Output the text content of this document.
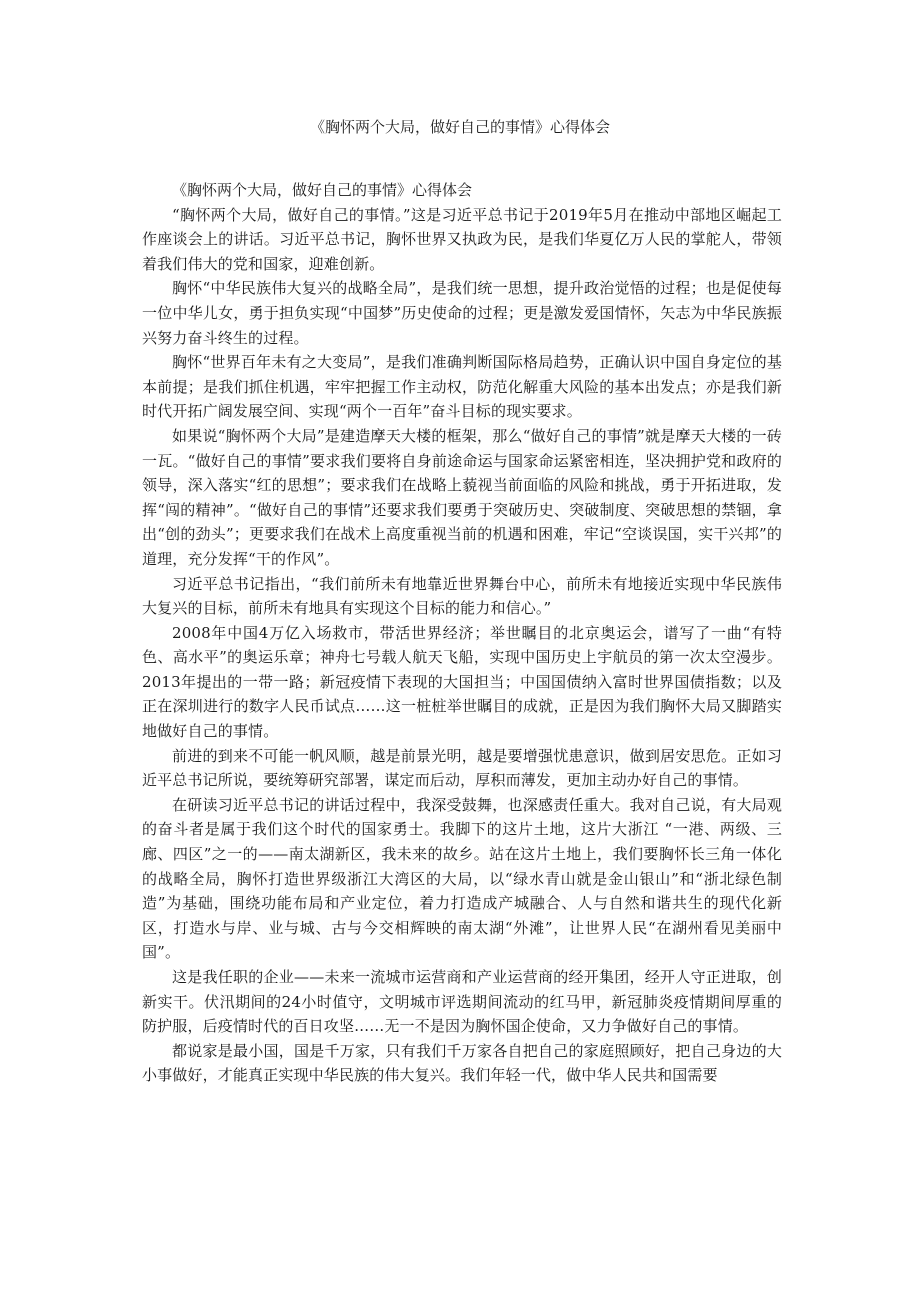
《胸怀两个大局，做好自己的事情》心得体会

《胸怀两个大局，做好自己的事情》心得体会

“胸怀两个大局，做好自己的事情。”这是习近平总书记于2019年5月在推动中部地区崛起工作座谈会上的讲话。习近平总书记，胸怀世界又执政为民，是我们华夏亿万人民的掌舵人，带领着我们伟大的党和国家，迎难创新。

胸怀“中华民族伟大复兴的战略全局”，是我们统一思想，提升政治觉悟的过程；也是促使每一位中华儿女，勇于担负实现“中国梦”历史使命的过程；更是激发爱国情怀，矢志为中华民族振兴努力奋斗终生的过程。

胸怀“世界百年未有之大变局”，是我们准确判断国际格局趋势，正确认识中国自身定位的基本前提；是我们抓住机遇，牢牢把握工作主动权，防范化解重大风险的基本出发点；亦是我们新时代开拓广阔发展空间、实现“两个一百年”奋斗目标的现实要求。

如果说“胸怀两个大局”是建造摩天大楼的框架，那么“做好自己的事情”就是摩天大楼的一砖一瓦。“做好自己的事情”要求我们要将自身前途命运与国家命运紧密相连，坚决拥护党和政府的领导，深入落实“红的思想”；要求我们在战略上藐视当前面临的风险和挑战，勇于开拓进取，发挥“闯的精神”。“做好自己的事情”还要求我们要勇于突破历史、突破制度、突破思想的禁锢，拿出“创的劲头”；更要求我们在战术上高度重视当前的机遇和困难，牢记“空谈误国，实干兴邦”的道理，充分发挥“干的作风”。

习近平总书记指出，“我们前所未有地靠近世界舞台中心，前所未有地接近实现中华民族伟大复兴的目标，前所未有地具有实现这个目标的能力和信心。”

2008年中国4万亿入场救市，带活世界经济；举世瞩目的北京奥运会，谱写了一曲“有特色、高水平”的奥运乐章；神舟七号载人航天飞船，实现中国历史上宇航员的第一次太空漫步。2013年提出的一带一路；新冠疫情下表现的大国担当；中国国债纳入富时世界国债指数；以及正在深圳进行的数字人民币试点……这一桩桩举世瞩目的成就，正是因为我们胸怀大局又脚踏实地做好自己的事情。

前进的到来不可能一帆风顺，越是前景光明，越是要增强忧患意识，做到居安思危。正如习近平总书记所说，要统筹研究部署，谋定而后动，厚积而薄发，更加主动办好自己的事情。

在研读习近平总书记的讲话过程中，我深受鼓舞，也深感责任重大。我对自己说，有大局观的奋斗者是属于我们这个时代的国家勇士。我脚下的这片土地，这片大浙江 “一港、两级、三廊、四区”之一的——南太湖新区，我未来的故乡。站在这片土地上，我们要胸怀长三角一体化的战略全局，胸怀打造世界级浙江大湾区的大局，以“绿水青山就是金山银山”和“浙北绿色制造”为基础，围绕功能布局和产业定位，着力打造成产城融合、人与自然和谐共生的现代化新区，打造水与岸、业与城、古与今交相辉映的南太湖“外滩”，让世界人民“在湖州看见美丽中国”。

这是我任职的企业——未来一流城市运营商和产业运营商的经开集团，经开人守正进取，创新实干。伏汛期间的24小时值守，文明城市评选期间流动的红马甲，新冠肺炎疫情期间厚重的防护服，后疫情时代的百日攻坚……无一不是因为胸怀国企使命，又力争做好自己的事情。

都说家是最小国，国是千万家，只有我们千万家各自把自己的家庭照顾好，把自己身边的大小事做好，才能真正实现中华民族的伟大复兴。我们年轻一代，做中华人民共和国需要
